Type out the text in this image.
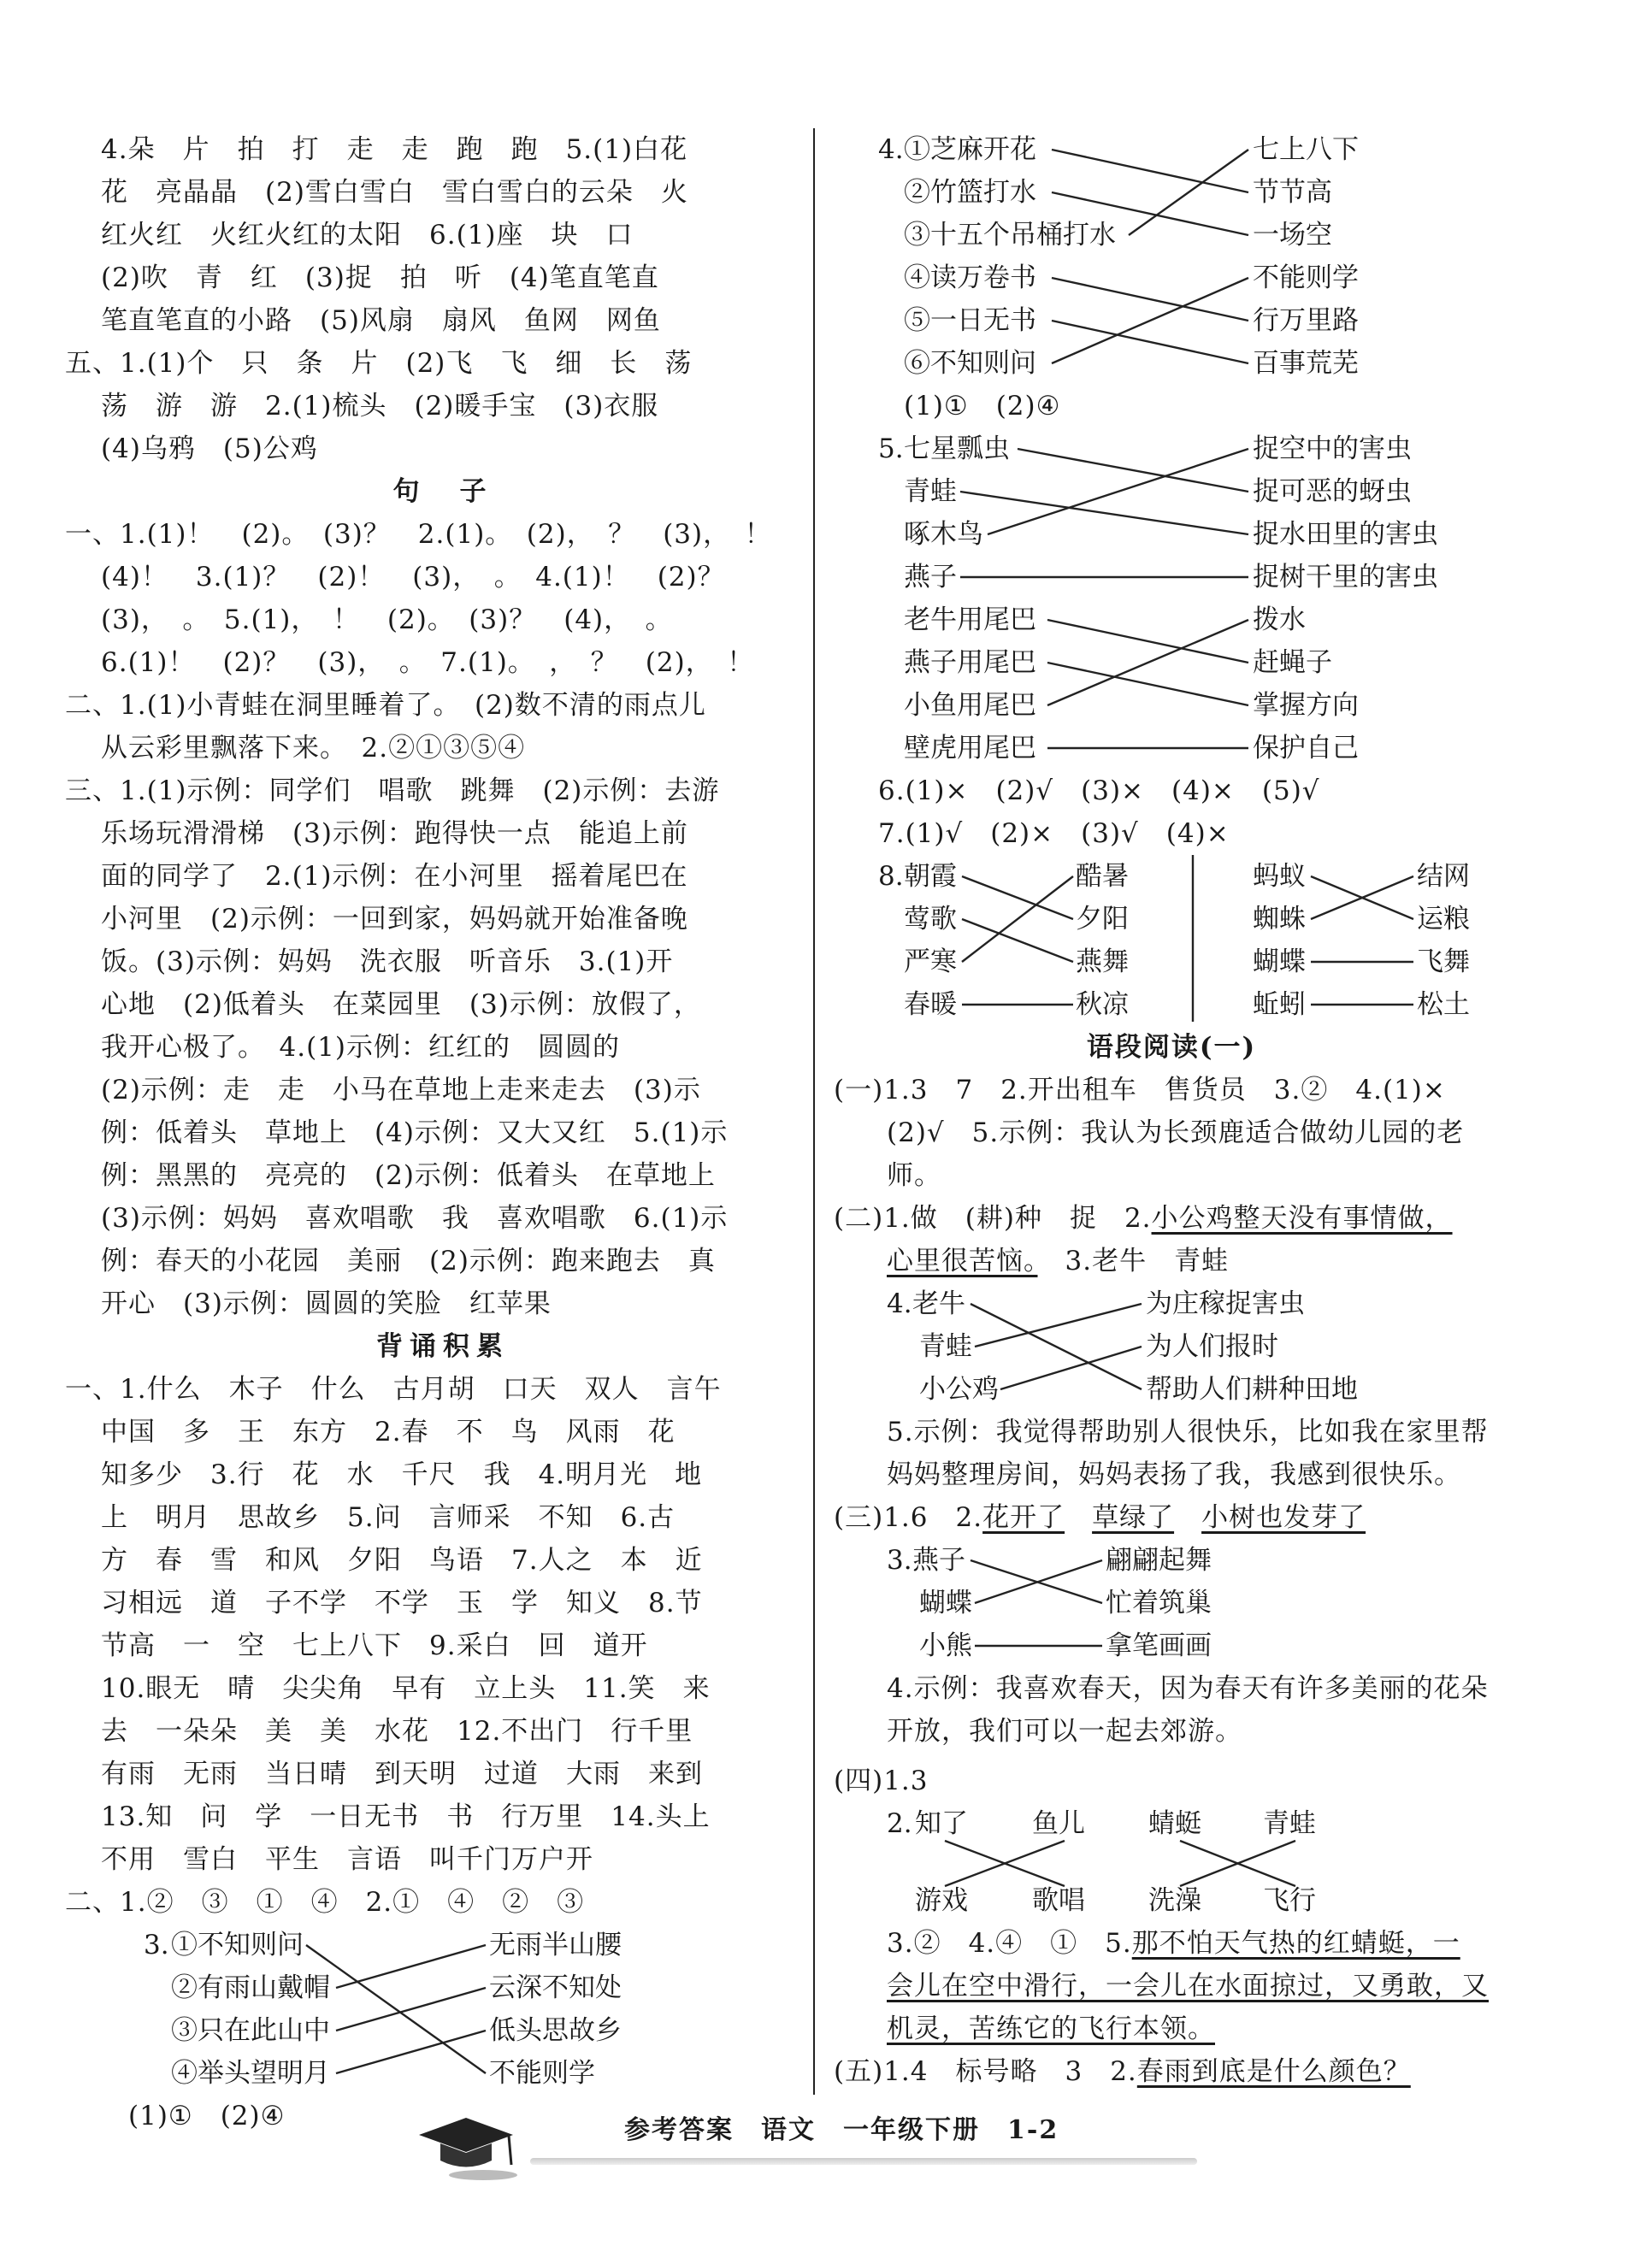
4.朵　片　拍　打　走　走　跑　跑　5.(1)白花
花　亮晶晶　(2)雪白雪白　雪白雪白的云朵　火
红火红　火红火红的太阳　6.(1)座　块　口
(2)吹　青　红　(3)捉　拍　听　(4)笔直笔直
笔直笔直的小路　(5)风扇　扇风　鱼网　网鱼
五、1.(1)个　只　条　片　(2)飞　飞　细　长　荡
荡　游　游　2.(1)梳头　(2)暖手宝　(3)衣服
(4)乌鸦　(5)公鸡
句　子
一、1.(1)！　(2)。　(3)？　2.(1)。　(2)，　？　(3)，　！
(4)！　3.(1)？　(2)！　(3)，　。　4.(1)！　(2)？
(3)，　。　5.(1)，　！　(2)。　(3)？　(4)，　。
6.(1)！　(2)？　(3)，　。　7.(1)。　，　？　(2)，　！
二、1.(1)小青蛙在洞里睡着了。　(2)数不清的雨点儿
从云彩里飘落下来。　2.②①③⑤④
三、1.(1)示例：同学们　唱歌　跳舞　(2)示例：去游
乐场玩滑滑梯　(3)示例：跑得快一点　能追上前
面的同学了　2.(1)示例：在小河里　摇着尾巴在
小河里　(2)示例：一回到家，妈妈就开始准备晚
饭。(3)示例：妈妈　洗衣服　听音乐　3.(1)开
心地　(2)低着头　在菜园里　(3)示例：放假了，
我开心极了。　4.(1)示例：红红的　圆圆的
(2)示例：走　走　小马在草地上走来走去　(3)示
例：低着头　草地上　(4)示例：又大又红　5.(1)示
例：黑黑的　亮亮的　(2)示例：低着头　在草地上
(3)示例：妈妈　喜欢唱歌　我　喜欢唱歌　6.(1)示
例：春天的小花园　美丽　(2)示例：跑来跑去　真
开心　(3)示例：圆圆的笑脸　红苹果
背诵积累
一、1.什么　木子　什么　古月胡　口天　双人　言午
中国　多　王　东方　2.春　不　鸟　风雨　花
知多少　3.行　花　水　千尺　我　4.明月光　地
上　明月　思故乡　5.问　言师采　不知　6.古
方　春　雪　和风　夕阳　鸟语　7.人之　本　近
习相远　道　子不学　不学　玉　学　知义　8.节
节高　一　空　七上八下　9.采白　回　道开
10.眼无　晴　尖尖角　早有　立上头　11.笑　来
去　一朵朵　美　美　水花　12.不出门　行千里
有雨　无雨　当日晴　到天明　过道　大雨　来到
13.知　问　学　一日无书　书　行万里　14.头上
不用　雪白　平生　言语　叫千门万户开
二、1.②　③　①　④　2.①　④　②　③
3. ①不知则问
②有雨山戴帽
③只在此山中
④举头望明月
无雨半山腰
云深不知处
低头思故乡
不能则学
(1)①　(2)④
4. ①芝麻开花
②竹篮打水
③十五个吊桶打水
④读万卷书
⑤一日无书
⑥不知则问
七上八下
节节高
一场空
不能则学
行万里路
百事荒芜
(1)①　(2)④
5. 七星瓢虫
青蛙
啄木鸟
燕子
捉空中的害虫
捉可恶的蚜虫
捉水田里的害虫
捉树干里的害虫
老牛用尾巴
燕子用尾巴
小鱼用尾巴
壁虎用尾巴
拨水
赶蝇子
掌握方向
保护自己
6.(1)×　(2)√　(3)×　(4)×　(5)√
7.(1)√　(2)×　(3)√　(4)×
8. 朝霞
莺歌
严寒
春暖
酷暑
夕阳
燕舞
秋凉
蚂蚁
蜘蛛
蝴蝶
蚯蚓
结网
运粮
飞舞
松土
语段阅读(一)
(一)1.3　7　2.开出租车　售货员　3.②　4.(1)×
(2)√　5.示例：我认为长颈鹿适合做幼儿园的老
师。
(二)1.做　(耕)种　捉　2.小公鸡整天没有事情做，
心里很苦恼。　3.老牛　青蛙
4. 老牛
青蛙
小公鸡
为庄稼捉害虫
为人们报时
帮助人们耕种田地
5.示例：我觉得帮助别人很快乐，比如我在家里帮
妈妈整理房间，妈妈表扬了我，我感到很快乐。
(三)1.6　2.花开了　 草绿了　 小树也发芽了
3. 燕子
蝴蝶
小熊
翩翩起舞
忙着筑巢
拿笔画画
4.示例：我喜欢春天，因为春天有许多美丽的花朵
开放，我们可以一起去郊游。
(四)1.3
2. 知了 鱼儿 蜻蜓 青蛙
游戏 歌唱 洗澡 飞行
3.②　4.④　①　5.那不怕天气热的红蜻蜓，一
会儿在空中滑行，一会儿在水面掠过，又勇敢，又
机灵，苦练它的飞行本领。
(五)1.4　标号略　3　2.春雨到底是什么颜色？
参考答案　语文　一年级下册　1-2
